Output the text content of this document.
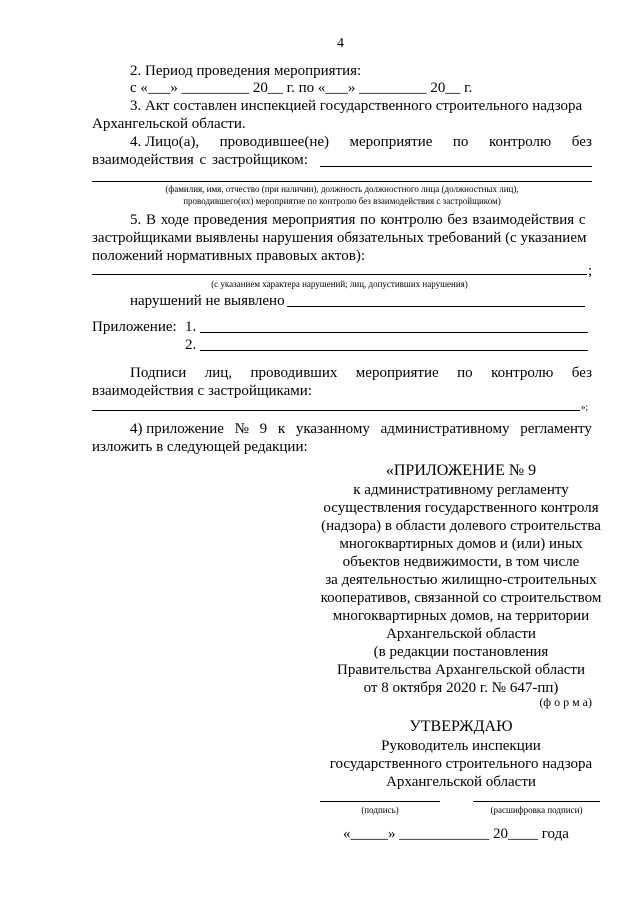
4
2. Период проведения мероприятия:
с «___» _________ 20__ г. по «___» _________ 20__ г.
3. Акт составлен инспекцией государственного строительного надзора
Архангельской области.
4. Лицо(а), проводившее(не) мероприятие по контролю без
взаимодействия с застройщиком:
(фамилия, имя, отчество (при наличии), должность должностного лица (должностных лиц),
проводившего(их) мероприятие по контролю без взаимодействия с застройщиком)
5. В ходе проведения мероприятия по контролю без взаимодействия с
застройщиками выявлены нарушения обязательных требований (с указанием
положений нормативных правовых актов):
;
(с указанием характера нарушений; лиц, допустивших нарушения)
нарушений не выявлено
Приложение: 1.
2.
Подписи лиц, проводивших мероприятие по контролю без
взаимодействия с застройщиками:
»;
4) приложение № 9 к указанному административному регламенту
изложить в следующей редакции:
«ПРИЛОЖЕНИЕ № 9
к административному регламенту
осуществления государственного контроля
(надзора) в области долевого строительства
многоквартирных домов и (или) иных
объектов недвижимости, в том числе
за деятельностью жилищно-строительных
кооперативов, связанной со строительством
многоквартирных домов, на территории
Архангельской области
(в редакции постановления
Правительства Архангельской области
от 8 октября 2020 г. № 647-пп)
(ф о р м а)
УТВЕРЖДАЮ
Руководитель инспекции
государственного строительного надзора
Архангельской области
(подпись)	(расшифровка подписи)
«_____» ____________ 20____ года
